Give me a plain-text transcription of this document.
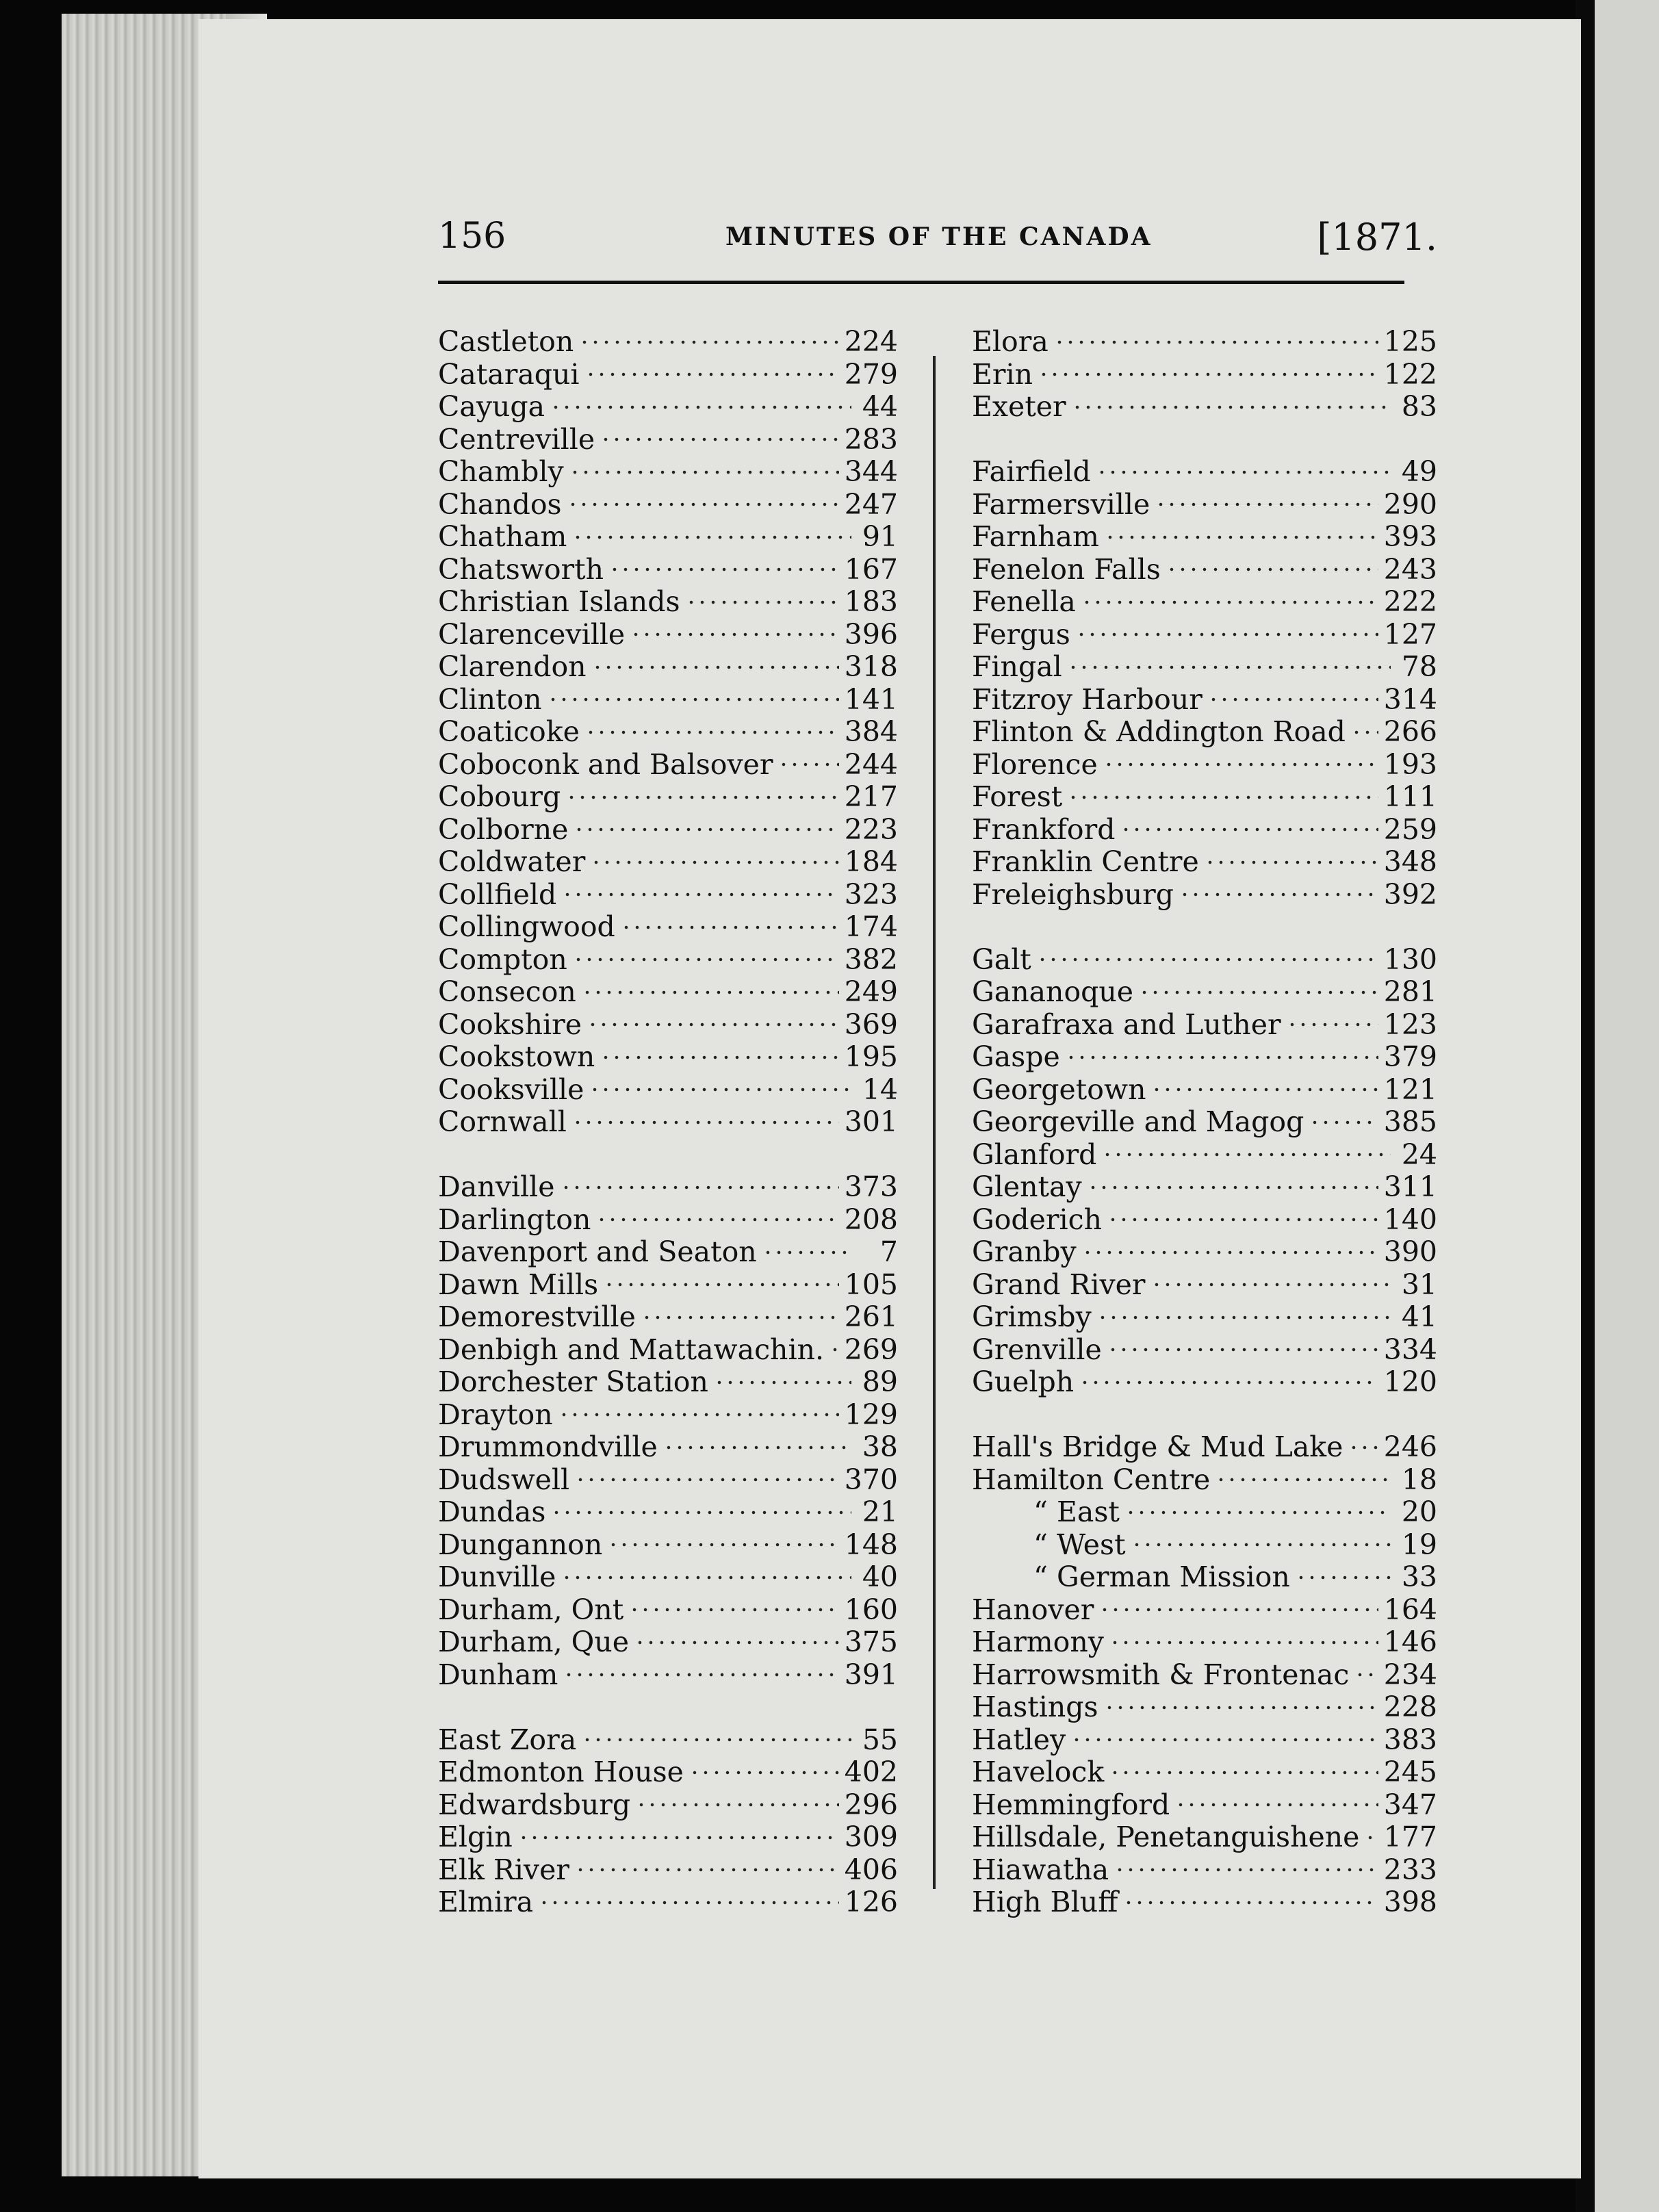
156	MINUTES OF THE CANADA	[1871.
Castleton	224
Cataraqui	279
Cayuga	44
Centreville	283
Chambly	344
Chandos	247
Chatham	91
Chatsworth	167
Christian Islands	183
Clarenceville	396
Clarendon	318
Clinton	141
Coaticoke	384
Coboconk and Balsover	244
Cobourg	217
Colborne	223
Coldwater	184
Collfield	323
Collingwood	174
Compton	382
Consecon	249
Cookshire	369
Cookstown	195
Cooksville	14
Cornwall	301
Danville	373
Darlington	208
Davenport and Seaton	7
Dawn Mills	105
Demorestville	261
Denbigh and Mattawachin. 269
Dorchester Station	89
Drayton	129
Drummondville	38
Dudswell	370
Dundas	21
Dungannon	148
Dunville	40
Durham, Ont	160
Durham, Que	375
Dunham	391
East Zora	55
Edmonton House	402
Edwardsburg	296
Elgin	309
Elk River	406
Elmira	126
Elora	125
Erin	122
Exeter	83
Fairfield	49
Farmersville	290
Farnham	393
Fenelon Falls	243
Fenella	222
Fergus	127
Fingal	78
Fitzroy Harbour	314
Flinton & Addington Road 266
Florence	193
Forest	111
Frankford	259
Franklin Centre	348
Freleighsburg	392
Galt	130
Gananoque	281
Garafraxa and Luther	123
Gaspe	379
Georgetown	121
Georgeville and Magog	385
Glanford	24
Glentay	311
Goderich	140
Granby	390
Grand River	31
Grimsby	41
Grenville	334
Guelph	120
Hall's Bridge & Mud Lake 246
Hamilton Centre	18
“ East	20
“ West	19
“ German Mission	33
Hanover	164
Harmony	146
Harrowsmith & Frontenac 234
Hastings	228
Hatley	383
Havelock	245
Hemmingford	347
Hillsdale, Penetanguishene 177
Hiawatha	233
High Bluff	398
